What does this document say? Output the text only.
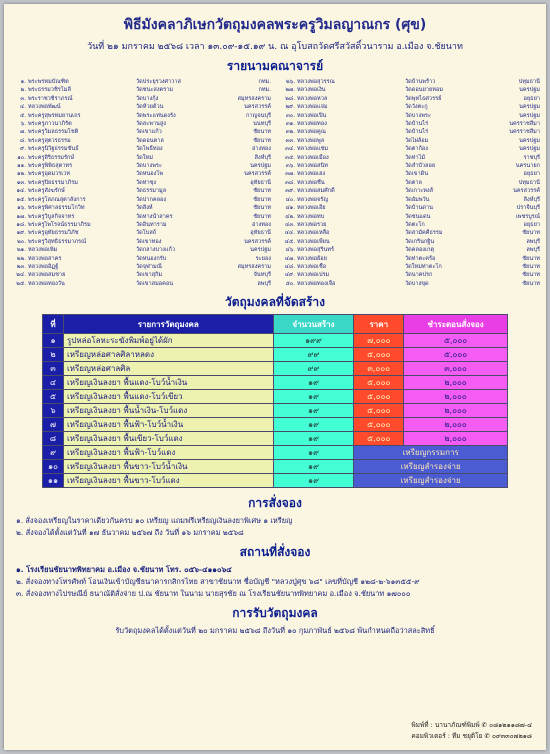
พิธีมังคลาภิเษกวัตถุมงคลพระครูวิมลญาณกร (ศุข)
วันที่ ๒๑ มกราคม ๒๕๖๘ เวลา ๑๓.๐๙-๑๕.๑๙ น. ณ อุโบสถวัดศรีสวัสดิ์วนาราม อ.เมือง จ.ชัยนาท
รายนามคณาจารย์
๑. พระพรหมบัณฑิต	วัดประยุรวงศาวาส	กทม.	๒๖. หลวงพ่อสุวรรณ	วัดบ้านพร้าว	ปทุมธานี
๒. พระธรรมวชิรโมลี	วัดชนะสงคราม	กทม.	๒๗. หลวงพ่อเงิน	วัดดอนยายหอม	นครปฐม
๓. พระราชวชิราภรณ์	วัดบางกุ้ง	สมุทรสงคราม	๒๘. หลวงพ่อหวล	วัดพุทไธศวรรย์	อยุธยา
๔. หลวงพ่อพัฒน์	วัดห้วยด้วน	นครสวรรค์	๒๙. หลวงพ่อแจ่ม	วัดวังตะกู	นครปฐม
๕. พระครูสุพรหมยานเถร	วัดพระแท่นดงรัง	กาญจนบุรี	๓๐. หลวงพ่อเปิ่น	วัดบางพระ	นครปฐม
๖. พระครูภาวนาภิรัต	วัดสะพานสูง	นนทบุรี	๓๑. หลวงพ่อทอง	วัดบ้านไร่	นครราชสีมา
๗. พระครูวิมลธรรมโชติ	วัดเขาแก้ว	ชัยนาท	๓๒. หลวงพ่อคูณ	วัดบ้านไร่	นครราชสีมา
๘. พระครูสุตวรธรรม	วัดดอนตาล	ชัยนาท	๓๓. หลวงพ่อพูล	วัดไผ่ล้อม	นครปฐม
๙. พระครูนิวิฐธรรมขันธ์	วัดโพธิ์ทอง	อ่างทอง	๓๔. หลวงพ่อแช่ม	วัดตาก้อง	นครปฐม
๑๐. พระครูสิริธรรมรักษ์	วัดใหม่	สิงห์บุรี	๓๕. หลวงพ่อเมือง	วัดท่าไม้	ราชบุรี
๑๑. พระครูพิพิธสุตาทร	วัดบางพระ	นครปฐม	๓๖. หลวงพ่อสนิท	วัดลำบัวลอย	นครนายก
๑๒. พระครูอุดมวรเวท	วัดหนองโพ	นครสวรรค์	๓๗. หลวงพ่อเฮง	วัดเขาดิน	อยุธยา
๑๓. พระครูปิยธรรมาภิรม	วัดท่าซุง	อุทัยธานี	๓๘. หลวงพ่อชื่น	วัดตาล	ปทุมธานี
๑๔. พระครูสังฆรักษ์	วัดธรรมามูล	ชัยนาท	๓๙. หลวงพ่อสมศักดิ์	วัดเกาะหงส์	นครสวรรค์
๑๕. พระครูโสภณสุตาลังการ	วัดปากคลอง	ชัยนาท	๔๐. หลวงพ่อจรัญ	วัดอัมพวัน	สิงห์บุรี
๑๖. พระครูพิศาลธรรมโกวิท	วัดสิงห์	ชัยนาท	๔๑. หลวงพ่อเอีย	วัดบ้านด่าน	ปราจีนบุรี
๑๗. พระครูวิบูลกิจจาทร	วัดหางน้ำสาคร	ชัยนาท	๔๒. หลวงพ่อทบ	วัดชนแดน	เพชรบูรณ์
๑๘. พระครูไพโรจน์ธรรมาภิรม	วัดอินทาราม	อ่างทอง	๔๓. หลวงพ่อรวย	วัดตะโก	อยุธยา
๑๙. พระครูอุทัยธรรมวิภัช	วัดโบสถ์	อุทัยธานี	๔๔. หลวงพ่อเหลือ	วัดสามัคคีธรรม	ชัยนาท
๒๐. พระครูวิสุทธิธรรมาภรณ์	วัดเขาทอง	นครสวรรค์	๔๕. หลวงพ่อเพี้ยน	วัดเกริ่นกฐิน	ลพบุรี
๒๑. หลวงพ่อเพิ่ม	วัดกลางบางแก้ว	นครปฐม	๔๖. หลวงพ่อสุรินทร์	วัดคลองเกตุ	ลพบุรี
๒๒. หลวงพ่อสาคร	วัดหนองกรับ	ระยอง	๔๗. หลวงพ่อย้อย	วัดท่าตะคร้อ	ชัยนาท
๒๓. หลวงพ่ออิฏฐ์	วัดจุฬามณี	สมุทรสงคราม	๔๘. หลวงพ่อเชื้อ	วัดใหม่ท่าตะโก	ชัยนาท
๒๔. หลวงพ่อสมชาย	วัดเขาสุกิม	จันทบุรี	๔๙. หลวงพ่อเปรม	วัดนาคปรก	ชัยนาท
๒๕. หลวงพ่อทองวัน	วัดเขาสมอคอน	ลพบุรี	๕๐. หลวงพ่อทองเจือ	วัดบางขุด	ชัยนาท
วัตถุมงคลที่จัดสร้าง
ที่	รายการวัตถุมงคล	จำนวนสร้าง	ราคา	ชำระตอนสั่งจอง
๑	รูปหล่อโลหะระฆังพิมพ์อยู่ได้ผัก	๑๙๙	๗,๐๐๐	๕,๐๐๐
๒	เหรียญหล่อศาลศิลาหลดง	๙๙	๕,๐๐๐	๕,๐๐๐
๓	เหรียญหล่อศาลศิล	๙๙	๓,๐๐๐	๓,๐๐๐
๔	เหรียญเงินลงยา พื้นแดง-โบว์น้ำเงิน	๑๙	๕,๐๐๐	๒,๐๐๐
๕	เหรียญเงินลงยา พื้นแดง-โบว์เขียว	๑๙	๕,๐๐๐	๒,๐๐๐
๖	เหรียญเงินลงยา พื้นน้ำเงิน-โบว์แดง	๑๙	๕,๐๐๐	๒,๐๐๐
๗	เหรียญเงินลงยา พื้นฟ้า-โบว์น้ำเงิน	๑๙	๕,๐๐๐	๒,๐๐๐
๘	เหรียญเงินลงยา พื้นเขียว-โบว์แดง	๑๙	๕,๐๐๐	๒,๐๐๐
๙	เหรียญเงินลงยา พื้นฟ้า-โบว์แดง	๑๙	เหรียญกรรมการ	
๑๐	เหรียญเงินลงยา พื้นขาว-โบว์น้ำเงิน	๑๙	เหรียญสำรองจ่าย	
๑๑	เหรียญเงินลงยา พื้นขาว-โบว์แดง	๑๙	เหรียญสำรองจ่าย	
การสั่งจอง
๑. สั่งจองเหรียญในราคาเดียวกันครบ ๑๐ เหรียญ แถมฟรีเหรียญเงินลงยาพิเศษ ๑ เหรียญ
๒. สั่งจองได้ตั้งแต่วันที่ ๑๗ ธันวาคม ๒๕๖๗ ถึง วันที่ ๑๖ มกราคม ๒๕๖๘
สถานที่สั่งจอง
๑. โรงเรียนชัยนาทพิทยาคม อ.เมือง จ.ชัยนาท โทร. ๐๕๖-๔๑๑๐๖๔
๒. สั่งจองทางโทรศัพท์ โอนเงินเข้าบัญชีธนาคารกสิกรไทย สาขาชัยนาท ชื่อบัญชี "หลวงปู่ศุข ๖๘" เลขที่บัญชี ๑๒๘-๒-๖๑๓๕๕-๙
๓. สั่งจองทางไปรษณีย์ ธนาณัติสั่งจ่าย ป.ณ ชัยนาท ในนาม นายสุรชัย ณ โรงเรียนชัยนาทพิทยาคม อ.เมือง จ.ชัยนาท ๑๗๐๐๐
การรับวัตถุมงคล
รับวัตถุมงคลได้ตั้งแต่วันที่ ๒๐ มกราคม ๒๕๖๘ ถึงวันที่ ๑๐ กุมภาพันธ์ ๒๕๖๘ พ้นกำหนดถือว่าสละสิทธิ์
พิมพ์ที่ : นานาภัณฑ์พิมพ์ ✆ ๐๘๑๒๑๑๘๗-๔
คอมพิวเตอร์ : ทีม ชยุติโย ✆ ๐๙๓๓๐๗๒๑๘
